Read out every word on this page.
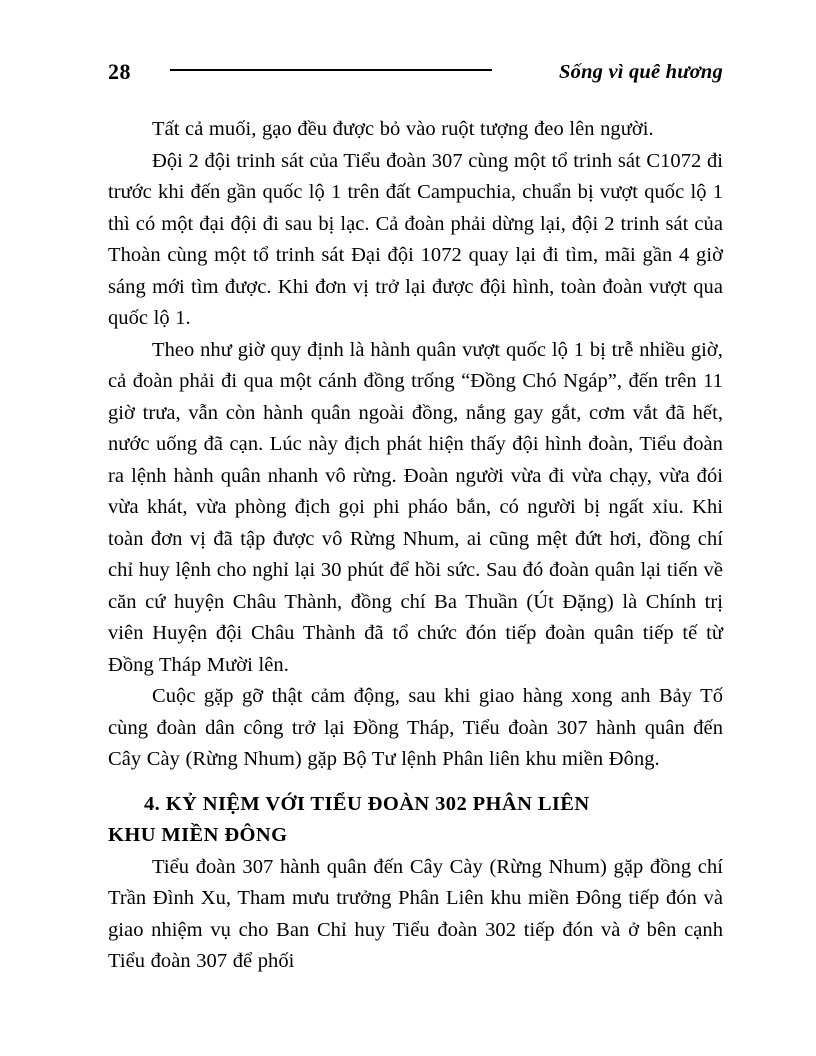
28	Sống vì quê hương

Tất cả muối, gạo đều được bỏ vào ruột tượng đeo lên người.

Đội 2 đội trinh sát của Tiểu đoàn 307 cùng một tổ trinh sát C1072 đi trước khi đến gần quốc lộ 1 trên đất Campuchia, chuẩn bị vượt quốc lộ 1 thì có một đại đội đi sau bị lạc. Cả đoàn phải dừng lại, đội 2 trinh sát của Thoàn cùng một tổ trinh sát Đại đội 1072 quay lại đi tìm, mãi gần 4 giờ sáng mới tìm được. Khi đơn vị trở lại được đội hình, toàn đoàn vượt qua quốc lộ 1.

Theo như giờ quy định là hành quân vượt quốc lộ 1 bị trễ nhiều giờ, cả đoàn phải đi qua một cánh đồng trống “Đồng Chó Ngáp”, đến trên 11 giờ trưa, vẫn còn hành quân ngoài đồng, nắng gay gắt, cơm vắt đã hết, nước uống đã cạn. Lúc này địch phát hiện thấy đội hình đoàn, Tiểu đoàn ra lệnh hành quân nhanh vô rừng. Đoàn người vừa đi vừa chạy, vừa đói vừa khát, vừa phòng địch gọi phi pháo bắn, có người bị ngất xỉu. Khi toàn đơn vị đã tập được vô Rừng Nhum, ai cũng mệt đứt hơi, đồng chí chỉ huy lệnh cho nghỉ lại 30 phút để hồi sức. Sau đó đoàn quân lại tiến về căn cứ huyện Châu Thành, đồng chí Ba Thuần (Út Đặng) là Chính trị viên Huyện đội Châu Thành đã tổ chức đón tiếp đoàn quân tiếp tế từ Đồng Tháp Mười lên.

Cuộc gặp gỡ thật cảm động, sau khi giao hàng xong anh Bảy Tố cùng đoàn dân công trở lại Đồng Tháp, Tiểu đoàn 307 hành quân đến Cây Cày (Rừng Nhum) gặp Bộ Tư lệnh Phân liên khu miền Đông.

4. KỶ NIỆM VỚI TIỂU ĐOÀN 302 PHÂN LIÊN
KHU MIỀN ĐÔNG

Tiểu đoàn 307 hành quân đến Cây Cày (Rừng Nhum) gặp đồng chí Trần Đình Xu, Tham mưu trưởng Phân Liên khu miền Đông tiếp đón và giao nhiệm vụ cho Ban Chỉ huy Tiểu đoàn 302 tiếp đón và ở bên cạnh Tiểu đoàn 307 để phối
